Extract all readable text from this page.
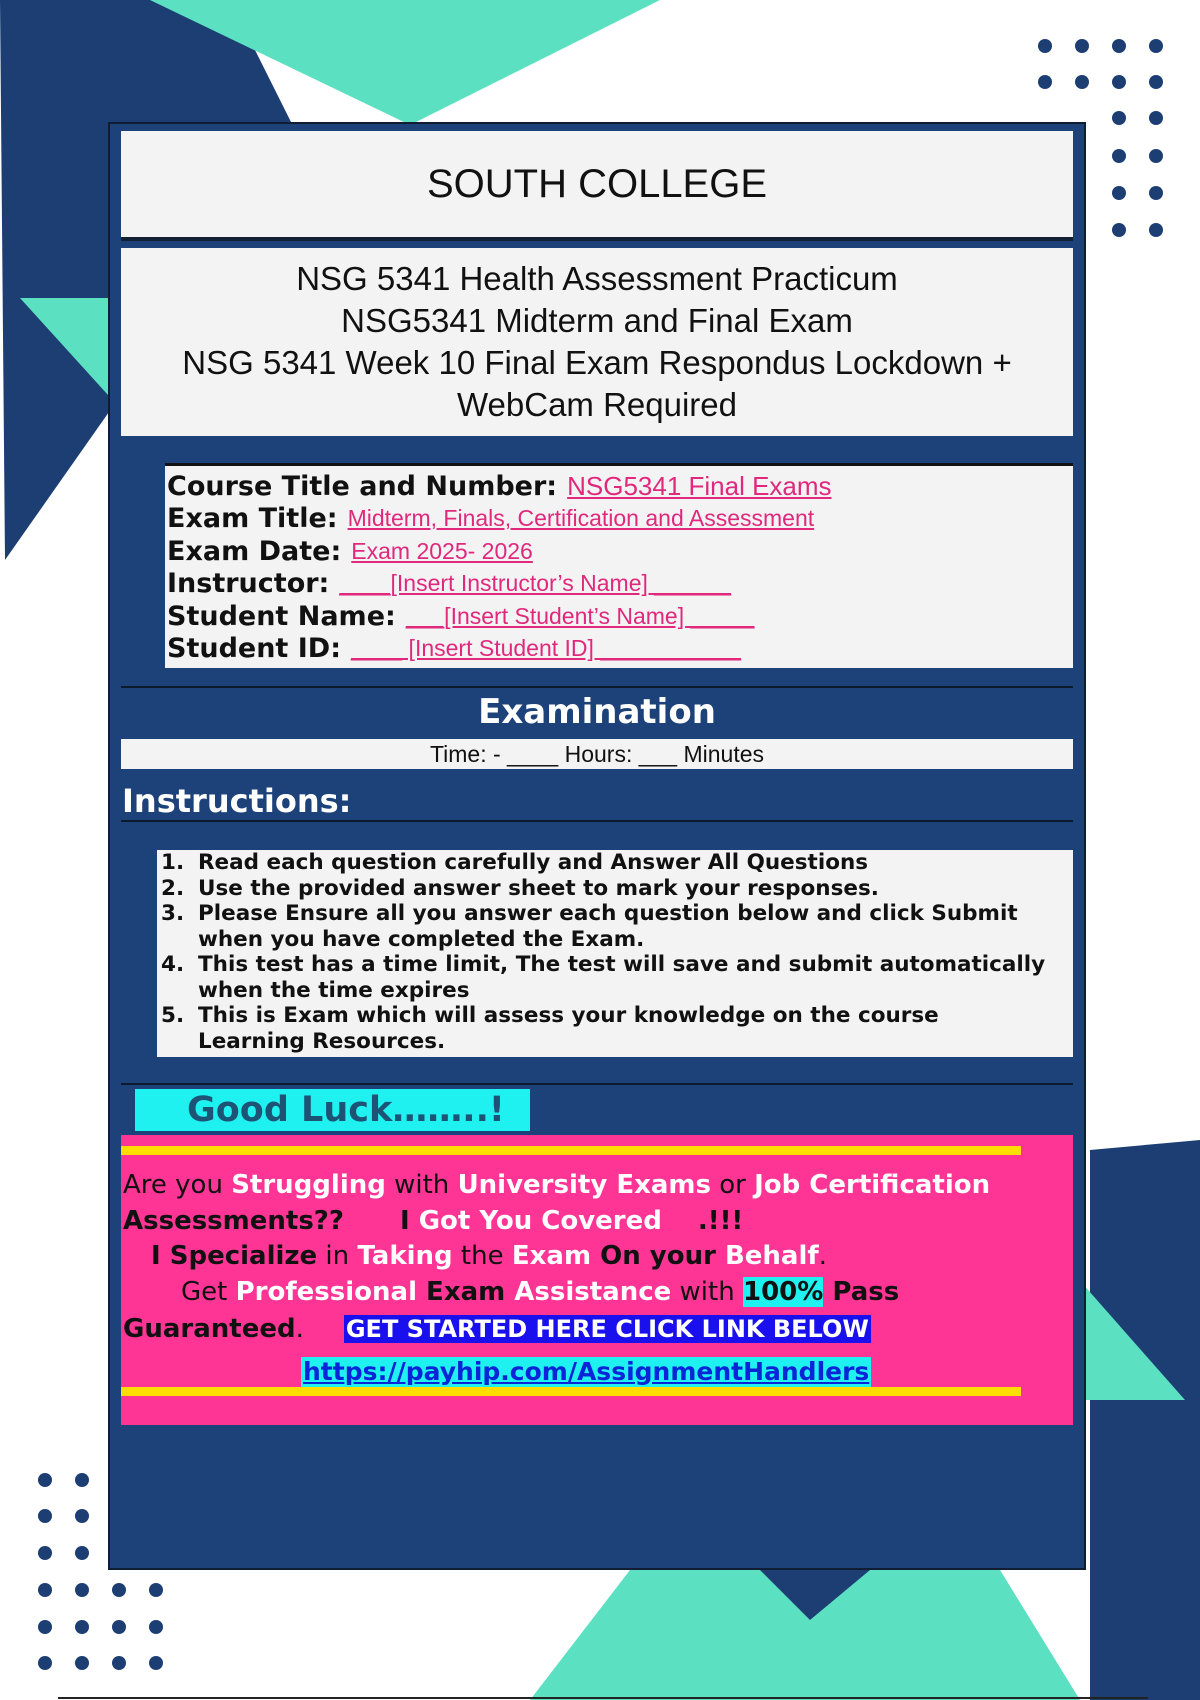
SOUTH COLLEGE
NSG 5341 Health Assessment Practicum
NSG5341 Midterm and Final Exam
NSG 5341 Week 10 Final Exam Respondus Lockdown +
WebCam Required
Course Title and Number: NSG5341 Final Exams
Exam Title: Midterm, Finals, Certification and Assessment
Exam Date: Exam 2025- 2026
Instructor: ____[Insert Instructor’s Name] ______
Student Name: ___[Insert Student’s Name] _____
Student ID: ____ [Insert Student ID] ___________
Examination
Time: - ____ Hours: ___ Minutes
Instructions:
1. Read each question carefully and Answer All Questions
2. Use the provided answer sheet to mark your responses.
3. Please Ensure all you answer each question below and click Submit
when you have completed the Exam.
4. This test has a time limit, The test will save and submit automatically
when the time expires
5. This is Exam which will assess your knowledge on the course
Learning Resources.
Good Luck……..!
Are you Struggling with University Exams or Job Certification
Assessments?? I Got You Covered .!!!
I Specialize in Taking the Exam On your Behalf.
Get Professional Exam Assistance with 100% Pass
Guaranteed. GET STARTED HERE CLICK LINK BELOW
https://payhip.com/AssignmentHandlers
